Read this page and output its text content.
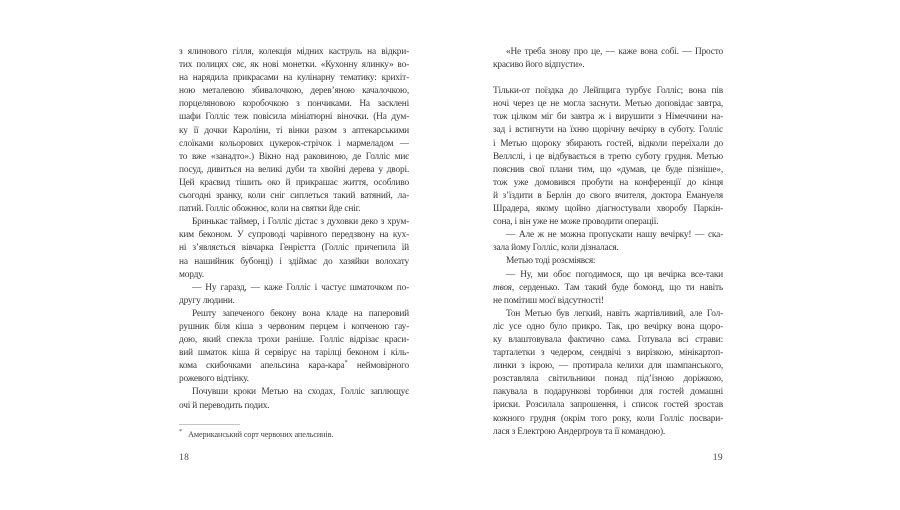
з ялинового гілля, колекція мідних каструль на відкри-
тих полицях сяє, як нові монетки. «Кухонну ялинку» во-
на нарядила прикрасами на кулінарну тематику: крихіт-
ною металевою збивалочкою, дерев’яною качалочкою,
порцеляновою коробочкою з пончиками. На засклені
шафи Голліс теж повісила мініатюрні віночки. (На дум-
ку її дочки Кароліни, ті вінки разом з аптекарськими
слоїками кольорових цукерок-стрічок і мармеладом —
то вже «занадто».) Вікно над раковиною, де Голліс миє
посуд, дивиться на великі дуби та хвойні дерева у дворі.
Цей краєвид тішить око й прикрашає життя, особливо
сьогодні зранку, коли сніг сиплеться такий ватяний, ла-
патий. Голліс обожнює, коли на святки йде сніг.
Бринькає таймер, і Голліс дістає з духовки деко з хрум-
ким беконом. У супроводі чарівного передзвону на кух-
ні з’являється вівчарка Генрієтта (Голліс причепила їй
на нашийник бубонці) і здіймає до хазяйки волохату
морду.
— Ну гаразд, — каже Голліс і частує шматочком по-
другу людини.
Решту запеченого бекону вона кладе на паперовий
рушник біля кіша з червоним перцем і копченою гау-
дою, який спекла трохи раніше. Голліс відрізає краси-
вий шматок кіша й сервірує на тарілці беконом і кіль-
кома скибочками апельсина кара-кара* неймовірного
рожевого відтінку.
Почувши кроки Метью на сходах, Голліс заплющує
очі й переводить подих.
* Американський сорт червоних апельсинів.
18
«Не треба знову про це, — каже вона собі. — Просто
красиво його відпусти».
Тільки-от поїздка до Лейпцига турбує Голліс; вона пів
ночі через це не могла заснути. Метью доповідає завтра,
тож цілком міг би завтра ж і вирушити з Німеччини на-
зад і встигнути на їхню щорічну вечірку в суботу. Голліс
і Метью щороку збирають гостей, відколи переїхали до
Веллслі, і це відбувається в третю суботу грудня. Метью
пояснив свої плани тим, що «думав, це буде пізніше»,
тож уже домовився пробути на конференції до кінця
й з’їздити в Берлін до свого вчителя, доктора Емануеля
Шрадера, якому щойно діагностували хворобу Паркін-
сона, і він уже не може проводити операції.
— Але ж не можна пропускати нашу вечірку! — ска-
зала йому Голліс, коли дізналася.
Метью тоді розсміявся:
— Ну, ми обоє погодимося, що ця вечірка все-таки
твоя, серденько. Там такий буде бомонд, що ти навіть
не помітиш моєї відсутності!
Тон Метью був легкий, навіть жартівливий, але Гол-
ліс усе одно було прикро. Так, цю вечірку вона щоро-
ку влаштовувала фактично сама. Готувала всі страви:
тарталетки з чедером, сендвічі з вирізкою, мінікартоп-
линки з ікрою, — протирала келихи для шампанського,
розставляла світильники понад під’їзною доріжкою,
пакувала в подарункові торбинки для гостей домашні
іриски. Розсилала запрошення, і список гостей зростав
кожного грудня (окрім того року, коли Голліс посвари-
лася з Електрою Андерґроув та її командою).
19
